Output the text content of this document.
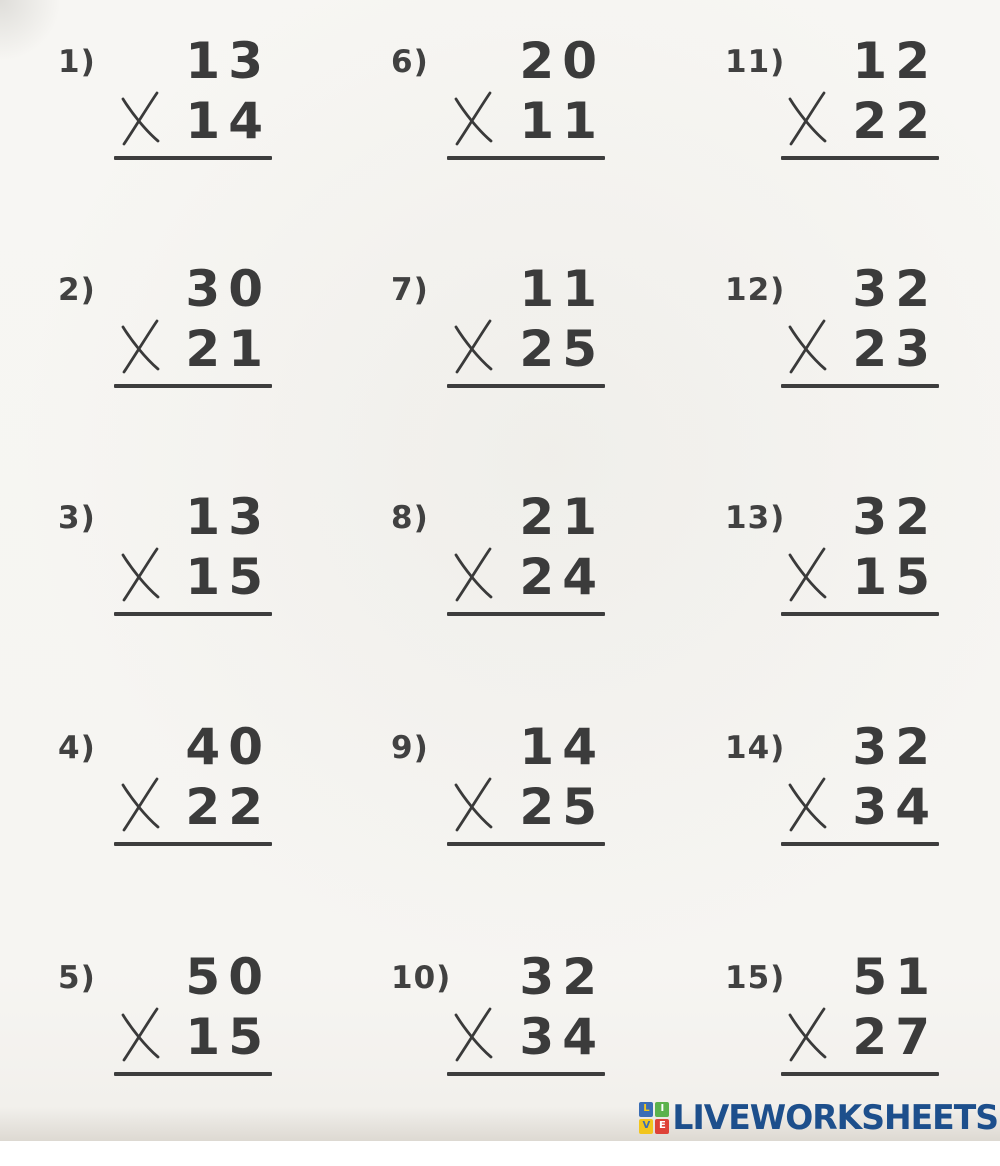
1) 13
14
2) 30
21
3) 13
15
4) 40
22
5) 50
15
6) 20
11
7) 11
25
8) 21
24
9) 14
25
10) 32
34
11) 12
22
12) 32
23
13) 32
15
14) 32
34
15) 51
27
L	I
V E LIVEWORKSHEETS
